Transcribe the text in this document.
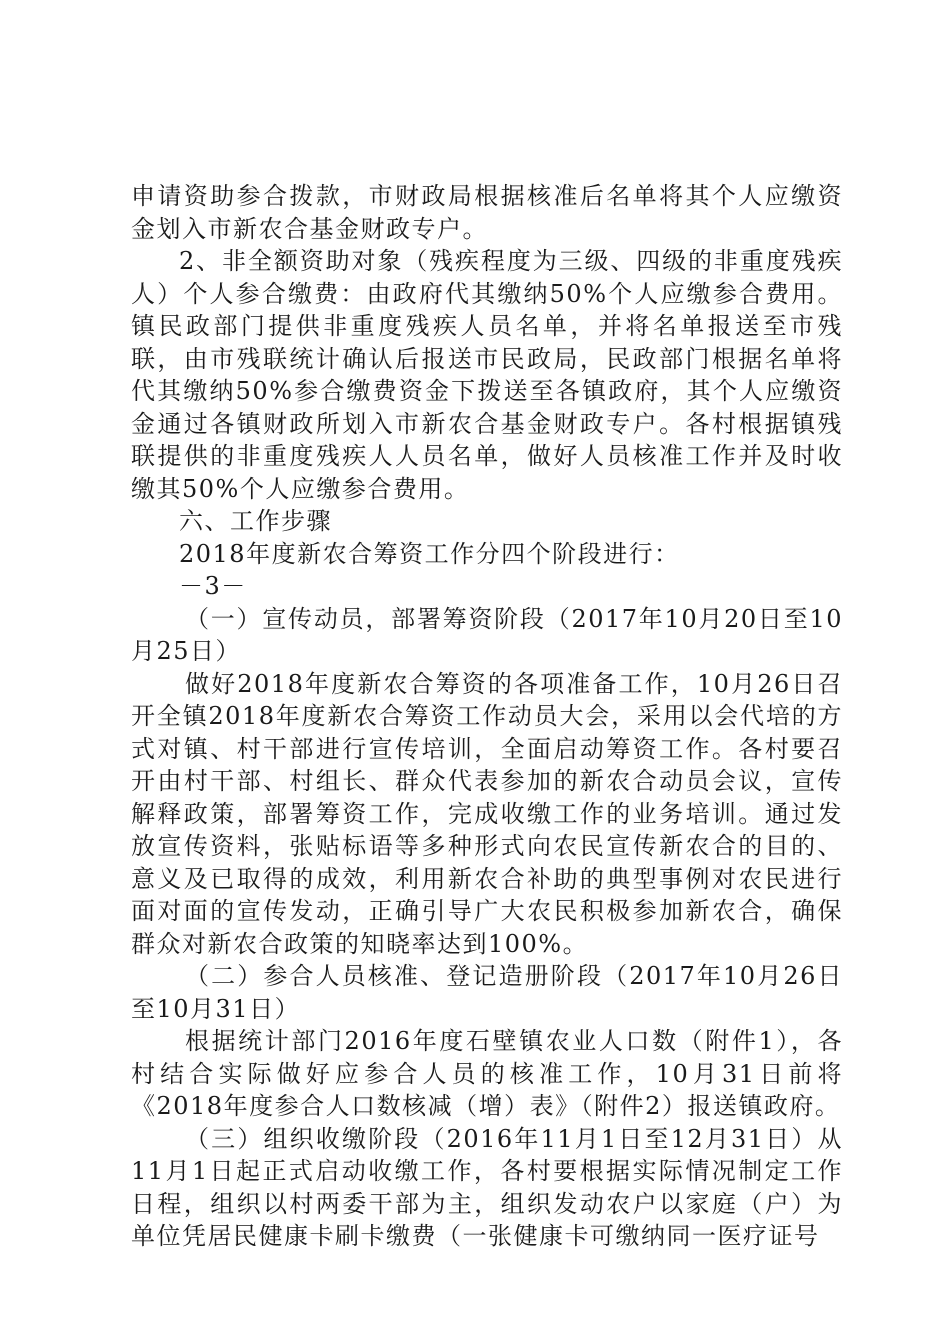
申请资助参合拨款，市财政局根据核准后名单将其个人应缴资金划入市新农合基金财政专户。

2、非全额资助对象（残疾程度为三级、四级的非重度残疾人）个人参合缴费：由政府代其缴纳50%个人应缴参合费用。镇民政部门提供非重度残疾人员名单，并将名单报送至市残联，由市残联统计确认后报送市民政局，民政部门根据名单将代其缴纳50%参合缴费资金下拨送至各镇政府，其个人应缴资金通过各镇财政所划入市新农合基金财政专户。各村根据镇残联提供的非重度残疾人人员名单，做好人员核准工作并及时收缴其50%个人应缴参合费用。

六、工作步骤

2018年度新农合筹资工作分四个阶段进行：

－3－

（一）宣传动员，部署筹资阶段（2017年10月20日至10月25日）

做好2018年度新农合筹资的各项准备工作，10月26日召开全镇2018年度新农合筹资工作动员大会，采用以会代培的方式对镇、村干部进行宣传培训，全面启动筹资工作。各村要召开由村干部、村组长、群众代表参加的新农合动员会议，宣传解释政策，部署筹资工作，完成收缴工作的业务培训。通过发放宣传资料，张贴标语等多种形式向农民宣传新农合的目的、意义及已取得的成效，利用新农合补助的典型事例对农民进行面对面的宣传发动，正确引导广大农民积极参加新农合，确保群众对新农合政策的知晓率达到100%。

（二）参合人员核准、登记造册阶段（2017年10月26日至10月31日）

根据统计部门2016年度石壁镇农业人口数（附件1），各村结合实际做好应参合人员的核准工作，10月31日前将《2018年度参合人口数核减（增）表》（附件2）报送镇政府。

（三）组织收缴阶段（2016年11月1日至12月31日）从11月1日起正式启动收缴工作，各村要根据实际情况制定工作日程，组织以村两委干部为主，组织发动农户以家庭（户）为单位凭居民健康卡刷卡缴费（一张健康卡可缴纳同一医疗证号
